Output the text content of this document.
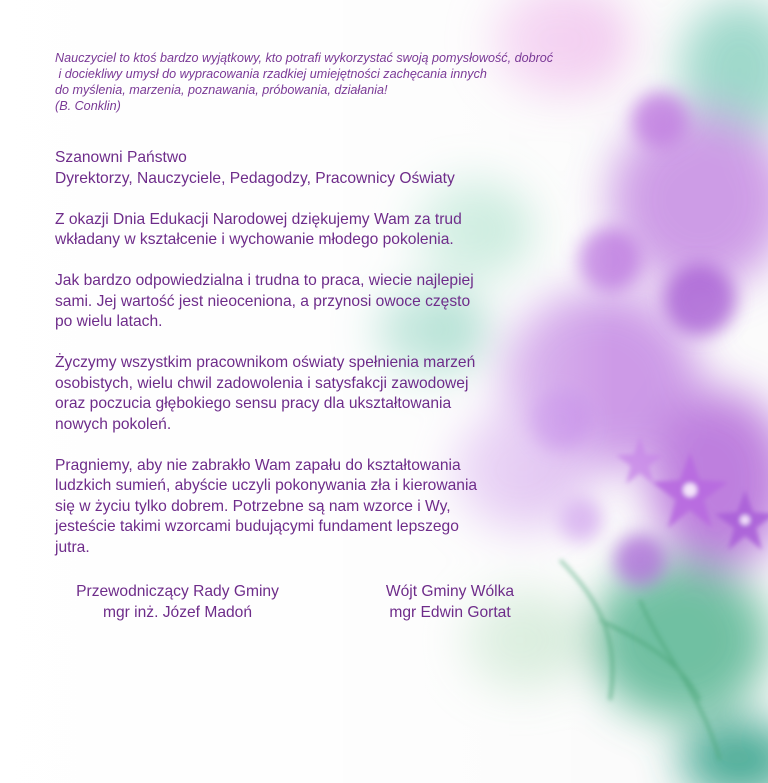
Nauczyciel to ktoś bardzo wyjątkowy, kto potrafi wykorzystać swoją pomysłowość, dobroć
i dociekliwy umysł do wypracowania rzadkiej umiejętności zachęcania innych
do myślenia, marzenia, poznawania, próbowania, działania!
(B. Conklin)
Szanowni Państwo
Dyrektorzy, Nauczyciele, Pedagodzy, Pracownicy Oświaty
Z okazji Dnia Edukacji Narodowej dziękujemy Wam za trud
wkładany w kształcenie i wychowanie młodego pokolenia.
Jak bardzo odpowiedzialna i trudna to praca, wiecie najlepiej
sami. Jej wartość jest nieoceniona, a przynosi owoce często
po wielu latach.
Życzymy wszystkim pracownikom oświaty spełnienia marzeń
osobistych, wielu chwil zadowolenia i satysfakcji zawodowej
oraz poczucia głębokiego sensu pracy dla ukształtowania
nowych pokoleń.
Pragniemy, aby nie zabrakło Wam zapału do kształtowania
ludzkich sumień, abyście uczyli pokonywania zła i kierowania
się w życiu tylko dobrem. Potrzebne są nam wzorce i Wy,
jesteście takimi wzorcami budującymi fundament lepszego
jutra.
Przewodniczący Rady Gminy
mgr inż. Józef Madoń
Wójt Gminy Wólka
mgr Edwin Gortat
